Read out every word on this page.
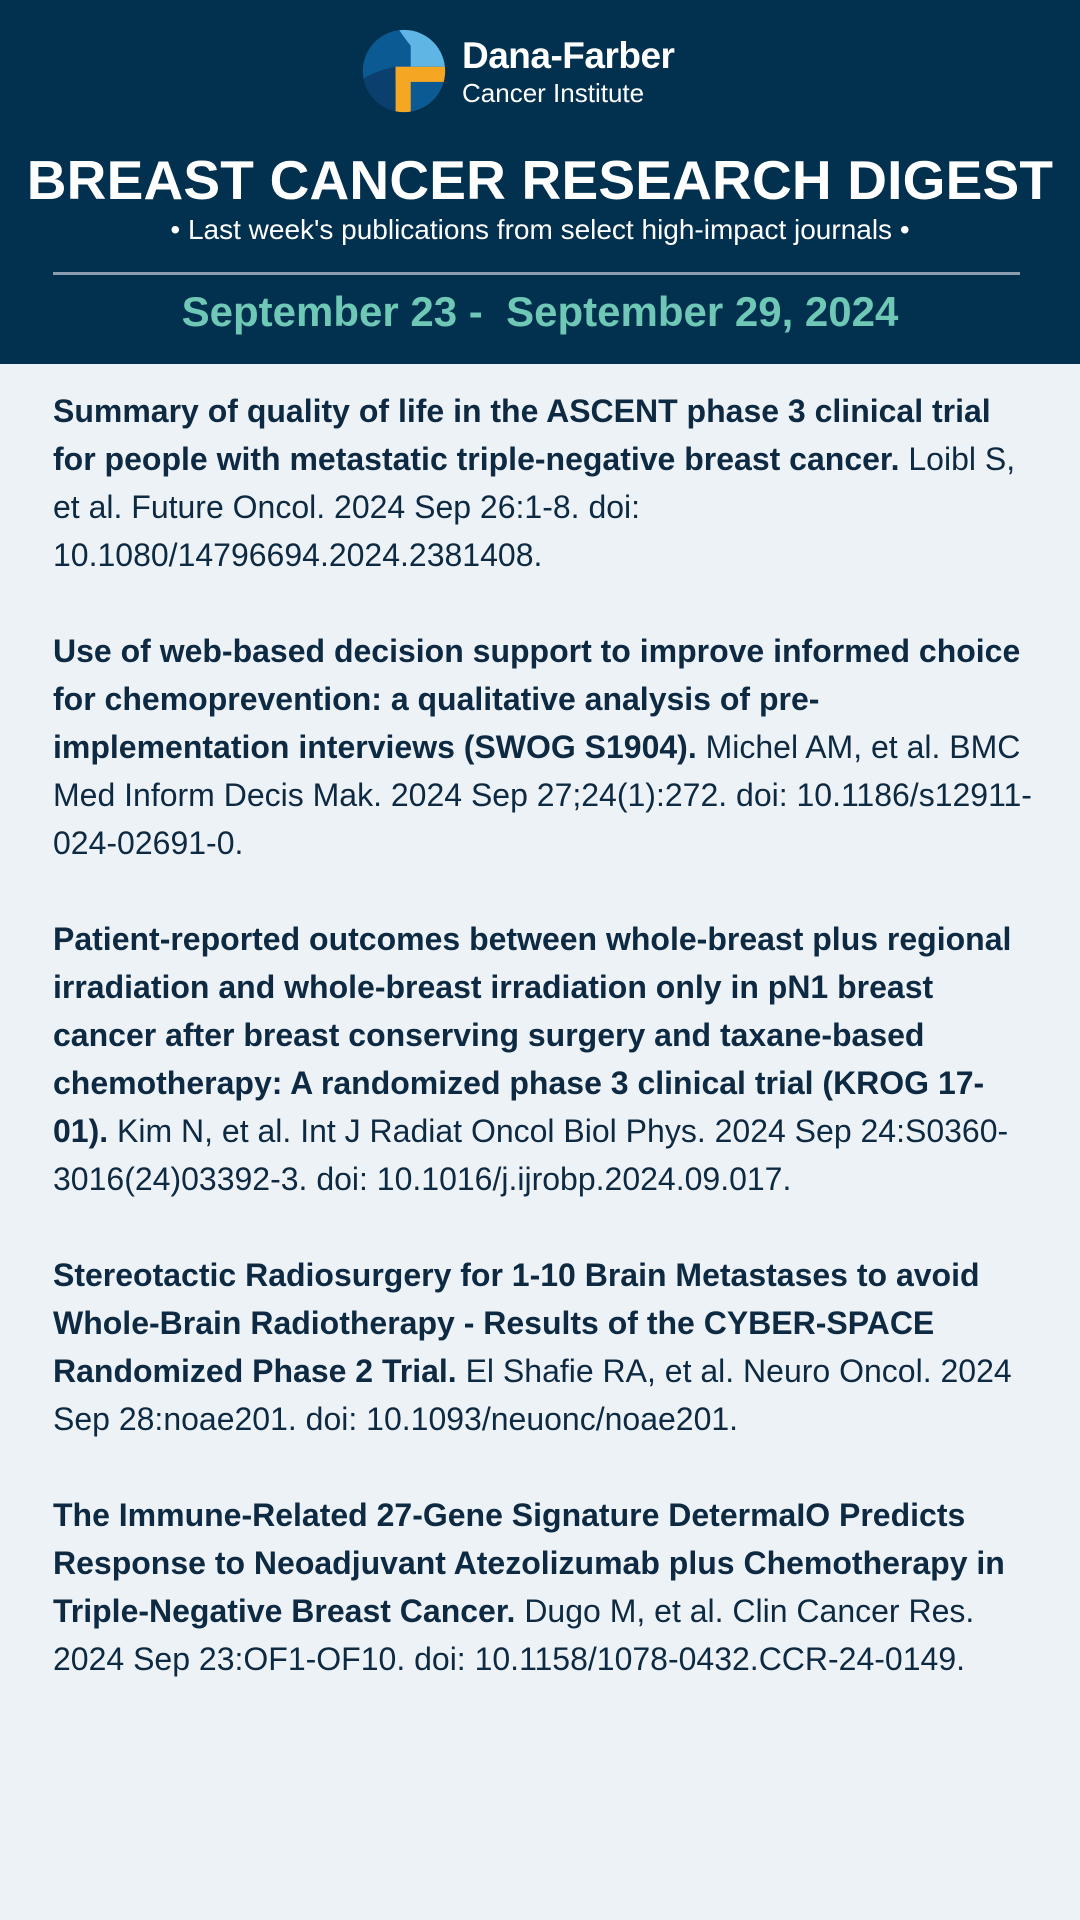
Dana-Farber
Cancer Institute
BREAST CANCER RESEARCH DIGEST
• Last week's publications from select high-impact journals •
September 23 -  September 29, 2024

Summary of quality of life in the ASCENT phase 3 clinical trial for people with metastatic triple-negative breast cancer. Loibl S, et al. Future Oncol. 2024 Sep 26:1-8. doi: 10.1080/14796694.2024.2381408.

Use of web-based decision support to improve informed choice for chemoprevention: a qualitative analysis of pre-implementation interviews (SWOG S1904). Michel AM, et al. BMC Med Inform Decis Mak. 2024 Sep 27;24(1):272. doi: 10.1186/s12911-024-02691-0.

Patient-reported outcomes between whole-breast plus regional irradiation and whole-breast irradiation only in pN1 breast cancer after breast conserving surgery and taxane-based chemotherapy: A randomized phase 3 clinical trial (KROG 17-01). Kim N, et al. Int J Radiat Oncol Biol Phys. 2024 Sep 24:S0360-3016(24)03392-3. doi: 10.1016/j.ijrobp.2024.09.017.

Stereotactic Radiosurgery for 1-10 Brain Metastases to avoid Whole-Brain Radiotherapy - Results of the CYBER-SPACE Randomized Phase 2 Trial. El Shafie RA, et al. Neuro Oncol. 2024 Sep 28:noae201. doi: 10.1093/neuonc/noae201.

The Immune-Related 27-Gene Signature DetermaIO Predicts Response to Neoadjuvant Atezolizumab plus Chemotherapy in Triple-Negative Breast Cancer. Dugo M, et al. Clin Cancer Res. 2024 Sep 23:OF1-OF10. doi: 10.1158/1078-0432.CCR-24-0149.
